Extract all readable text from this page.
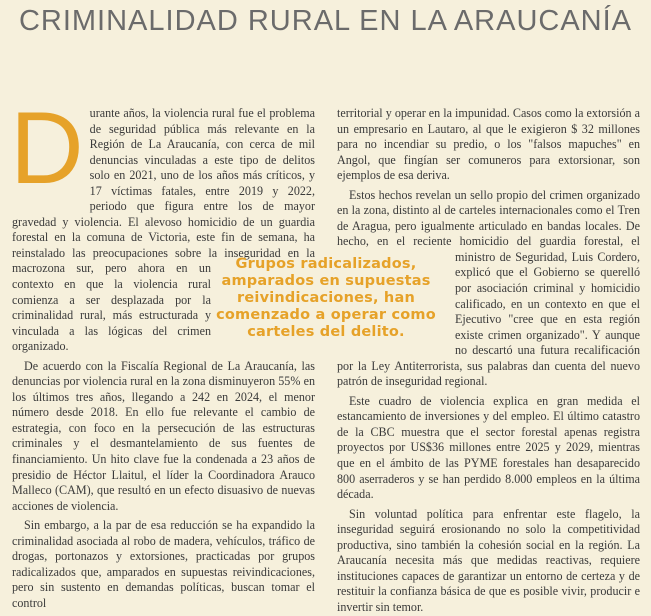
CRIMINALIDAD RURAL EN LA ARAUCANÍA

D urante años, la violencia rural fue el problema de seguridad pública más relevante en la Región de La Araucanía, con cerca de mil denuncias vinculadas a este tipo de delitos solo en 2021, uno de los años más críticos, y 17 víctimas fatales, entre 2019 y 2022, periodo que figura entre los de mayor gravedad y violencia. El alevoso homicidio de un guardia forestal en la comuna de Victoria, este fin de semana, ha reinstalado las preocupaciones sobre la inseguridad en la macrozona sur, pero ahora en un contexto en que la violencia rural comienza a ser desplazada por la criminalidad rural, más estructurada y vinculada a las lógicas del crimen organizado.

De acuerdo con la Fiscalía Regional de La Araucanía, las denuncias por violencia rural en la zona disminuyeron 55% en los últimos tres años, llegando a 242 en 2024, el menor número desde 2018. En ello fue relevante el cambio de estrategia, con foco en la persecución de las estructuras criminales y el desmantelamiento de sus fuentes de financiamiento. Un hito clave fue la condenada a 23 años de presidio de Héctor Llaitul, el líder la Coordinadora Arauco Malleco (CAM), que resultó en un efecto disuasivo de nuevas acciones de violencia.

Sin embargo, a la par de esa reducción se ha expandido la criminalidad asociada al robo de madera, vehículos, tráfico de drogas, portonazos y extorsiones, practicadas por grupos radicalizados que, amparados en supuestas reivindicaciones, pero sin sustento en demandas políticas, buscan tomar el control

territorial y operar en la impunidad. Casos como la extorsión a un empresario en Lautaro, al que le exigieron $ 32 millones para no incendiar su predio, o los "falsos mapuches" en Angol, que fingían ser comuneros para extorsionar, son ejemplos de esa deriva.

Estos hechos revelan un sello propio del crimen organizado en la zona, distinto al de carteles internacionales como el Tren de Aragua, pero igualmente articulado en bandas locales. De hecho, en el reciente homicidio del guardia forestal, el ministro de Seguridad, Luis Cordero, explicó que el Gobierno se querelló por asociación criminal y homicidio calificado, en un contexto en que el Ejecutivo "cree que en esta región existe crimen organizado". Y aunque no descartó una futura recalificación por la Ley Antiterrorista, sus palabras dan cuenta del nuevo patrón de inseguridad regional.

Este cuadro de violencia explica en gran medida el estancamiento de inversiones y del empleo. El último catastro de la CBC muestra que el sector forestal apenas registra proyectos por US$36 millones entre 2025 y 2029, mientras que en el ámbito de las PYME forestales han desaparecido 800 aserraderos y se han perdido 8.000 empleos en la última década.

Sin voluntad política para enfrentar este flagelo, la inseguridad seguirá erosionando no solo la competitividad productiva, sino también la cohesión social en la región. La Araucanía necesita más que medidas reactivas, requiere instituciones capaces de garantizar un entorno de certeza y de restituir la confianza básica de que es posible vivir, producir e invertir sin temor.

Grupos radicalizados, amparados en supuestas reivindicaciones, han comenzado a operar como carteles del delito.
